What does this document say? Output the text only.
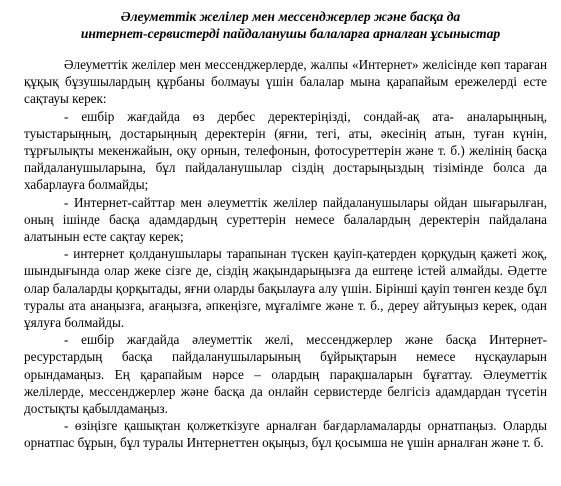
Әлеуметтік желілер мен мессенджерлер және басқа да
интернет-сервистерді пайдаланушы балаларға арналған ұсыныстар

Әлеуметтік желілер мен мессенджерлерде, жалпы «Интернет» желісінде көп тараған құқық бұзушылардың құрбаны болмауы үшін балалар мына қарапайым ережелерді есте сақтауы керек:

- ешбір жағдайда өз дербес деректеріңізді, сондай-ақ ата- аналарыңның, туыстарыңның, достарыңның деректерін (яғни, тегі, аты, әкесінің атын, туған күнін, тұрғылықты мекенжайын, оқу орнын, телефонын, фотосуреттерін және т. б.) желінің басқа пайдаланушыларына, бұл пайдаланушылар сіздің достарыңыздың тізімінде болса да хабарлауға болмайды;

- Интернет-сайттар мен әлеуметтік желілер пайдаланушылары ойдан шығарылған, оның ішінде басқа адамдардың суреттерін немесе балалардың деректерін пайдалана алатынын есте сақтау керек;

- интернет қолданушылары тарапынан түскен қауіп-қатерден қорқудың қажеті жоқ, шындығында олар жеке сізге де, сіздің жақындарыңызға да ештеңе істей алмайды. Әдетте олар балаларды қорқытады, яғни оларды бақылауға алу үшін. Бірінші қауіп төнген кезде бұл туралы ата анаңызға, ағаңызға, әпкеңізге, мұғалімге және т. б., дереу айтуыңыз керек, одан ұялуға болмайды.

- ешбір жағдайда әлеуметтік желі, мессенджерлер және басқа Интернет-ресурстардың басқа пайдаланушыларының бұйрықтарын немесе нұсқауларын орындамаңыз. Ең қарапайым нәрсе – олардың парақшаларын бұғаттау. Әлеуметтік желілерде, мессенджерлер және басқа да онлайн сервистерде белгісіз адамдардан түсетін достықты қабылдамаңыз.

- өзіңізге қашықтан қолжеткізуге арналған бағдарламаларды орнатпаңыз. Оларды орнатпас бұрын, бұл туралы Интернеттен оқыңыз, бұл қосымша не үшін арналған және т. б.
